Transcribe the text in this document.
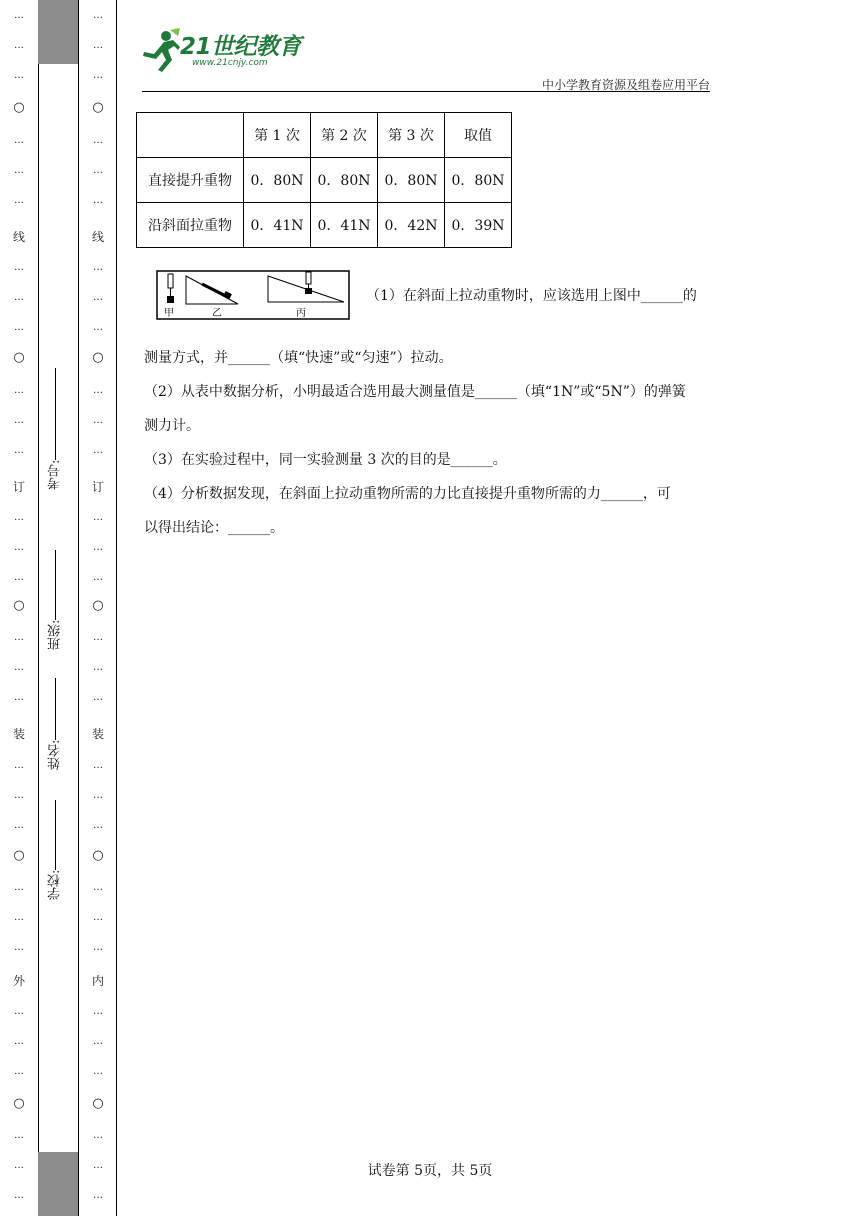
…
…
…
○
…
…
…
线
…
…
…
○
…
…
…
订
…
…
…
○
…
…
…
装
…
…
…
○
…
…
…
外
…
…
…
○
…
…
…
学校:
姓名:
班级:
考号:
…
…
…
○
…
…
…
线
…
…
…
○
…
…
…
订
…
…
…
○
…
…
…
装
…
…
…
○
…
…
…
内
…
…
…
○
…
…
…
21世纪教育
www.21cnjy.com
中小学教育资源及组卷应用平台
	第 1 次	第 2 次	第 3 次	取值
直接提升重物	0．80N	0．80N	0．80N	0．80N
沿斜面拉重物	0．41N	0．41N	0．42N	0．39N
甲	乙	丙
（1）在斜面上拉动重物时，应该选用上图中______的
测量方式，并______（填“快速”或“匀速”）拉动。
（2）从表中数据分析，小明最适合选用最大测量值是______（填“1N”或“5N”）的弹簧
测力计。
（3）在实验过程中，同一实验测量 3 次的目的是______。
（4）分析数据发现，在斜面上拉动重物所需的力比直接提升重物所需的力______，可
以得出结论：______。
试卷第 5页，共 5页
